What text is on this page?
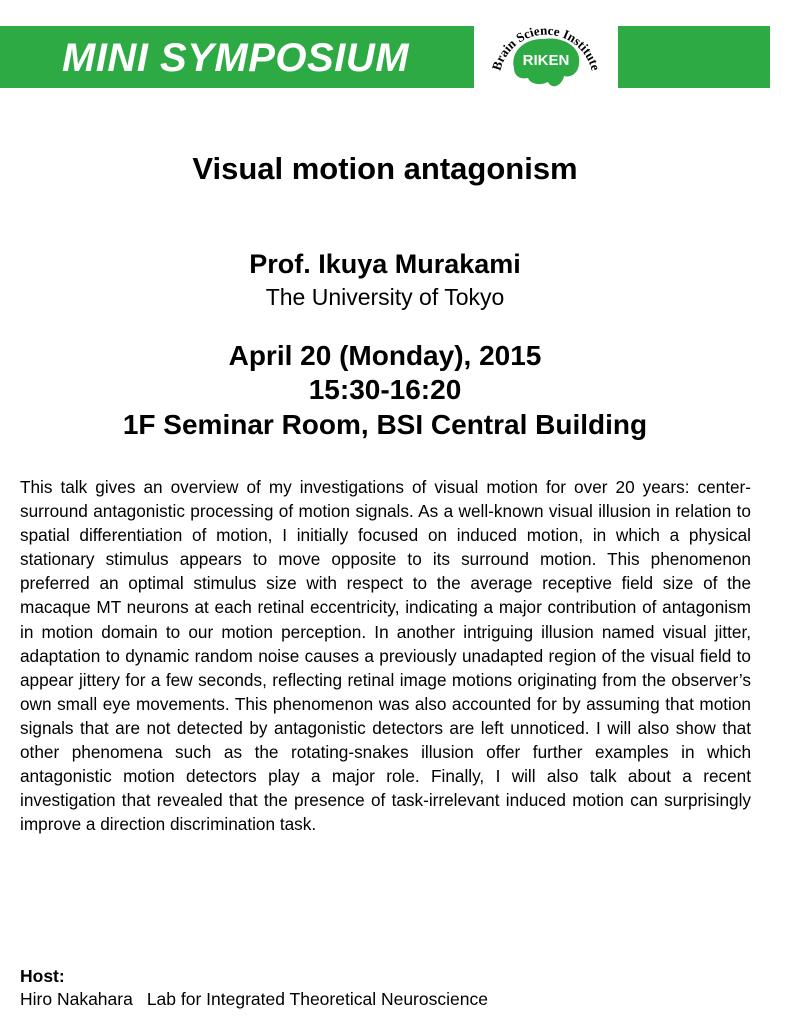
MINI SYMPOSIUM	Brain Science Institute
RIKEN
Visual motion antagonism
Prof. Ikuya Murakami
The University of Tokyo
April 20 (Monday), 2015
15:30-16:20
1F Seminar Room, BSI Central Building
This talk gives an overview of my investigations of visual motion for over 20 years: center-surround antagonistic processing of motion signals. As a well-known visual illusion in relation to spatial differentiation of motion, I initially focused on induced motion, in which a physical stationary stimulus appears to move opposite to its surround motion. This phenomenon preferred an optimal stimulus size with respect to the average receptive field size of the macaque MT neurons at each retinal eccentricity, indicating a major contribution of antagonism in motion domain to our motion perception. In another intriguing illusion named visual jitter, adaptation to dynamic random noise causes a previously unadapted region of the visual field to appear jittery for a few seconds, reflecting retinal image motions originating from the observer’s own small eye movements. This phenomenon was also accounted for by assuming that motion signals that are not detected by antagonistic detectors are left unnoticed. I will also show that other phenomena such as the rotating-snakes illusion offer further examples in which antagonistic motion detectors play a major role. Finally, I will also talk about a recent investigation that revealed that the presence of task-irrelevant induced motion can surprisingly improve a direction discrimination task.
Host:
Hiro Nakahara Lab for Integrated Theoretical Neuroscience
